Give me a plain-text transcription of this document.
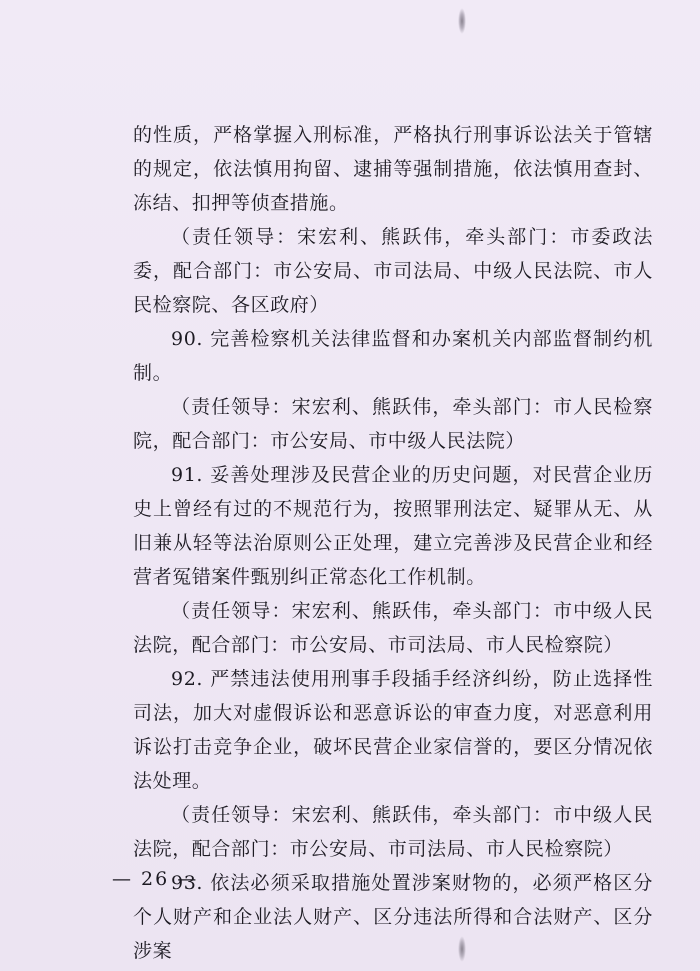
的性质，严格掌握入刑标准，严格执行刑事诉讼法关于管辖的规定，依法慎用拘留、逮捕等强制措施，依法慎用查封、冻结、扣押等侦查措施。

（责任领导：宋宏利、熊跃伟，牵头部门：市委政法委，配合部门：市公安局、市司法局、中级人民法院、市人民检察院、各区政府）

90. 完善检察机关法律监督和办案机关内部监督制约机制。

（责任领导：宋宏利、熊跃伟，牵头部门：市人民检察院，配合部门：市公安局、市中级人民法院）

91. 妥善处理涉及民营企业的历史问题，对民营企业历史上曾经有过的不规范行为，按照罪刑法定、疑罪从无、从旧兼从轻等法治原则公正处理，建立完善涉及民营企业和经营者冤错案件甄别纠正常态化工作机制。

（责任领导：宋宏利、熊跃伟，牵头部门：市中级人民法院，配合部门：市公安局、市司法局、市人民检察院）

92. 严禁违法使用刑事手段插手经济纠纷，防止选择性司法，加大对虚假诉讼和恶意诉讼的审查力度，对恶意利用诉讼打击竞争企业，破坏民营企业家信誉的，要区分情况依法处理。

（责任领导：宋宏利、熊跃伟，牵头部门：市中级人民法院，配合部门：市公安局、市司法局、市人民检察院）

93. 依法必须采取措施处置涉案财物的，必须严格区分个人财产和企业法人财产、区分违法所得和合法财产、区分涉案

— 26 —
